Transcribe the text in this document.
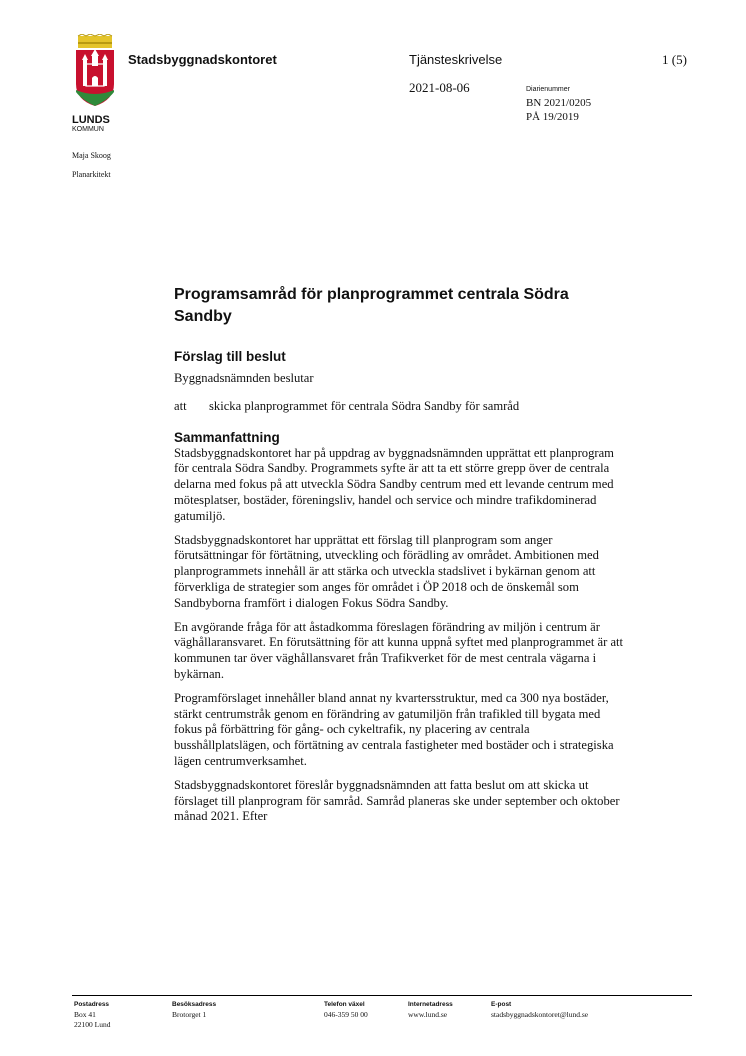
LUNDS
KOMMUN
Stadsbyggnadskontoret	Tjänsteskrivelse	1 (5)
2021-08-06	Diarienummer
BN 2021/0205
PÅ 19/2019
Maja Skoog
Planarkitekt
Programsamråd för planprogrammet centrala Södra Sandby
Förslag till beslut

Byggnadsnämnden beslutar

att	skicka planprogrammet för centrala Södra Sandby för samråd
Sammanfattning

Stadsbyggnadskontoret har på uppdrag av byggnadsnämnden upprättat ett planprogram för centrala Södra Sandby. Programmets syfte är att ta ett större grepp över de centrala delarna med fokus på att utveckla Södra Sandby centrum med ett levande centrum med mötesplatser, bostäder, föreningsliv, handel och service och mindre trafikdominerad gatumiljö.

Stadsbyggnadskontoret har upprättat ett förslag till planprogram som anger förutsättningar för förtätning, utveckling och förädling av området. Ambitionen med planprogrammets innehåll är att stärka och utveckla stadslivet i bykärnan genom att förverkliga de strategier som anges för området i ÖP 2018 och de önskemål som Sandbyborna framfört i dialogen Fokus Södra Sandby.

En avgörande fråga för att åstadkomma föreslagen förändring av miljön i centrum är väghållaransvaret. En förutsättning för att kunna uppnå syftet med planprogrammet är att kommunen tar över väghållansvaret från Trafikverket för de mest centrala vägarna i bykärnan.

Programförslaget innehåller bland annat ny kvartersstruktur, med ca 300 nya bostäder, stärkt centrumstråk genom en förändring av gatumiljön från trafikled till bygata med fokus på förbättring för gång- och cykeltrafik, ny placering av centrala busshållplatslägen, och förtätning av centrala fastigheter med bostäder och i strategiska lägen centrumverksamhet.

Stadsbyggnadskontoret föreslår byggnadsnämnden att fatta beslut om att skicka ut förslaget till planprogram för samråd. Samråd planeras ske under september och oktober månad 2021. Efter

Postadress
Box 41
22100 Lund
Besöksadress
Brotorget 1
Telefon växel
046-359 50 00
Internetadress
www.lund.se
E-post
stadsbyggnadskontoret@lund.se
